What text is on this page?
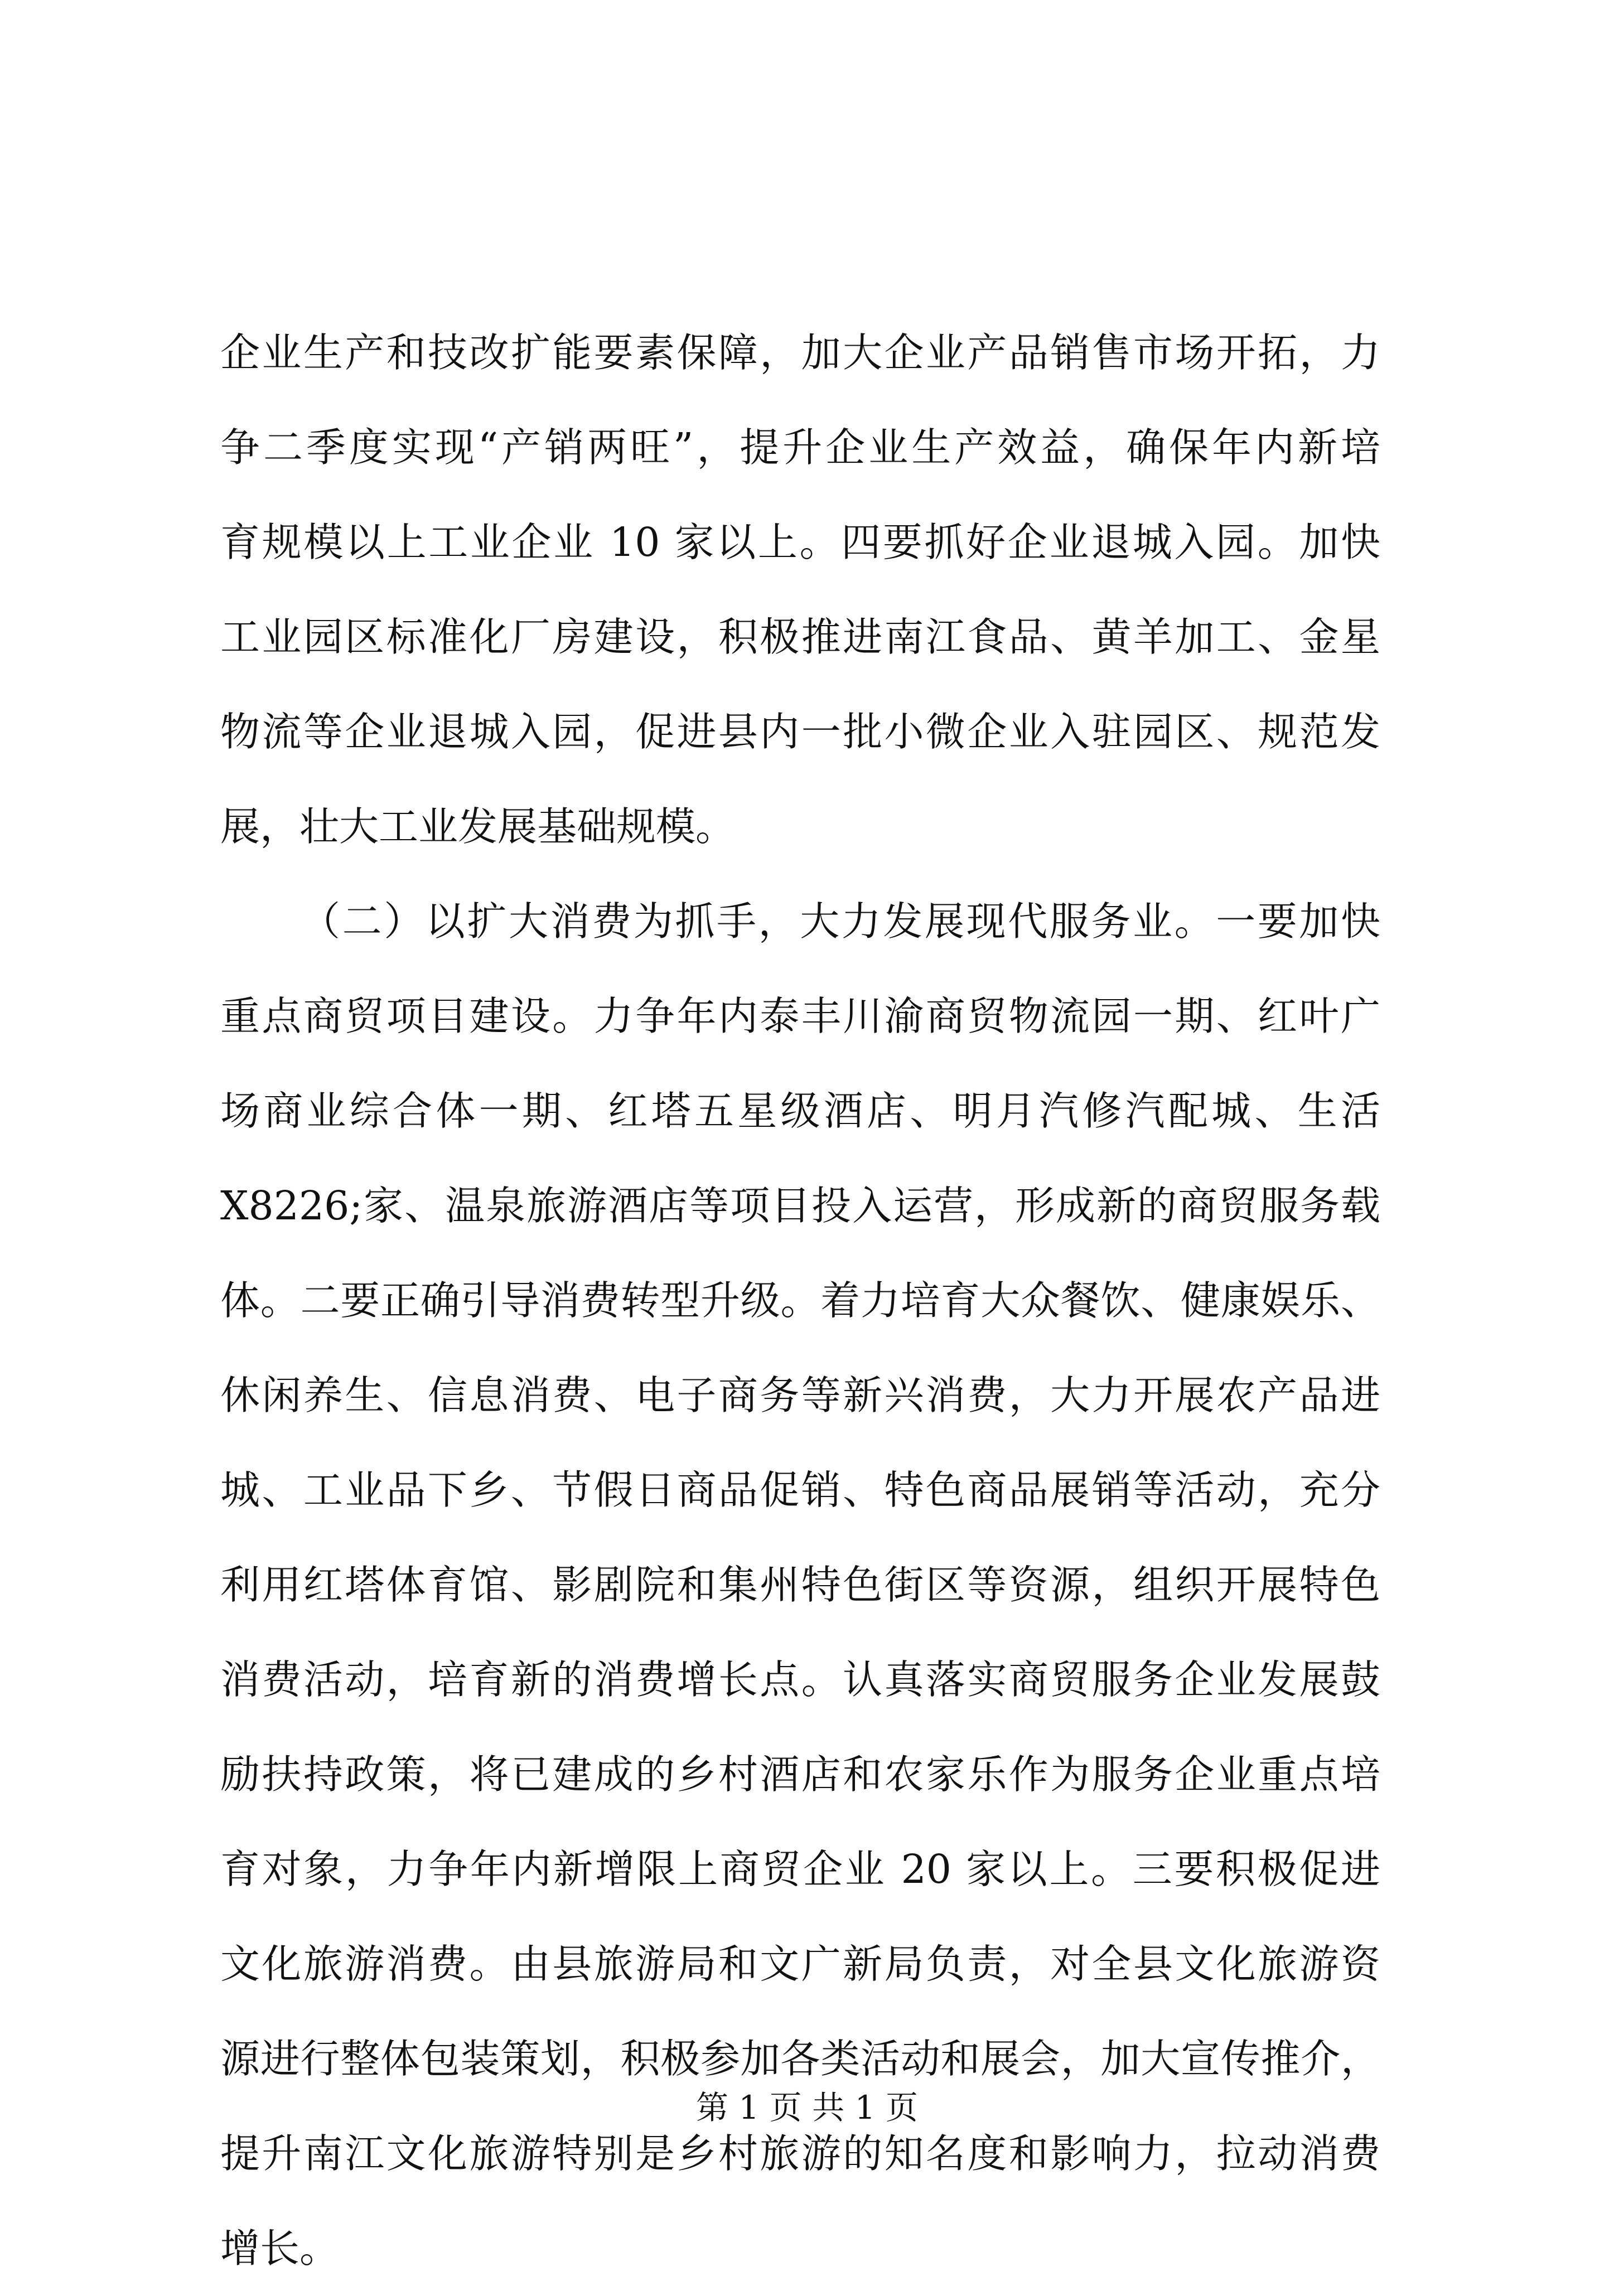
企业生产和技改扩能要素保障，加大企业产品销售市场开拓，力
争二季度实现“产销两旺”，提升企业生产效益，确保年内新培
育规模以上工业企业 10 家以上。四要抓好企业退城入园。加快
工业园区标准化厂房建设，积极推进南江食品、黄羊加工、金星
物流等企业退城入园，促进县内一批小微企业入驻园区、规范发
展，壮大工业发展基础规模。
（二）以扩大消费为抓手，大力发展现代服务业。一要加快
重点商贸项目建设。力争年内泰丰川渝商贸物流园一期、红叶广
场商业综合体一期、红塔五星级酒店、明月汽修汽配城、生活
X8226;家、温泉旅游酒店等项目投入运营，形成新的商贸服务载
体。二要正确引导消费转型升级。着力培育大众餐饮、健康娱乐、
休闲养生、信息消费、电子商务等新兴消费，大力开展农产品进
城、工业品下乡、节假日商品促销、特色商品展销等活动，充分
利用红塔体育馆、影剧院和集州特色街区等资源，组织开展特色
消费活动，培育新的消费增长点。认真落实商贸服务企业发展鼓
励扶持政策，将已建成的乡村酒店和农家乐作为服务企业重点培
育对象，力争年内新增限上商贸企业 20 家以上。三要积极促进
文化旅游消费。由县旅游局和文广新局负责，对全县文化旅游资
源进行整体包装策划，积极参加各类活动和展会，加大宣传推介，
提升南江文化旅游特别是乡村旅游的知名度和影响力，拉动消费
增长。
第 1 页 共 1 页
